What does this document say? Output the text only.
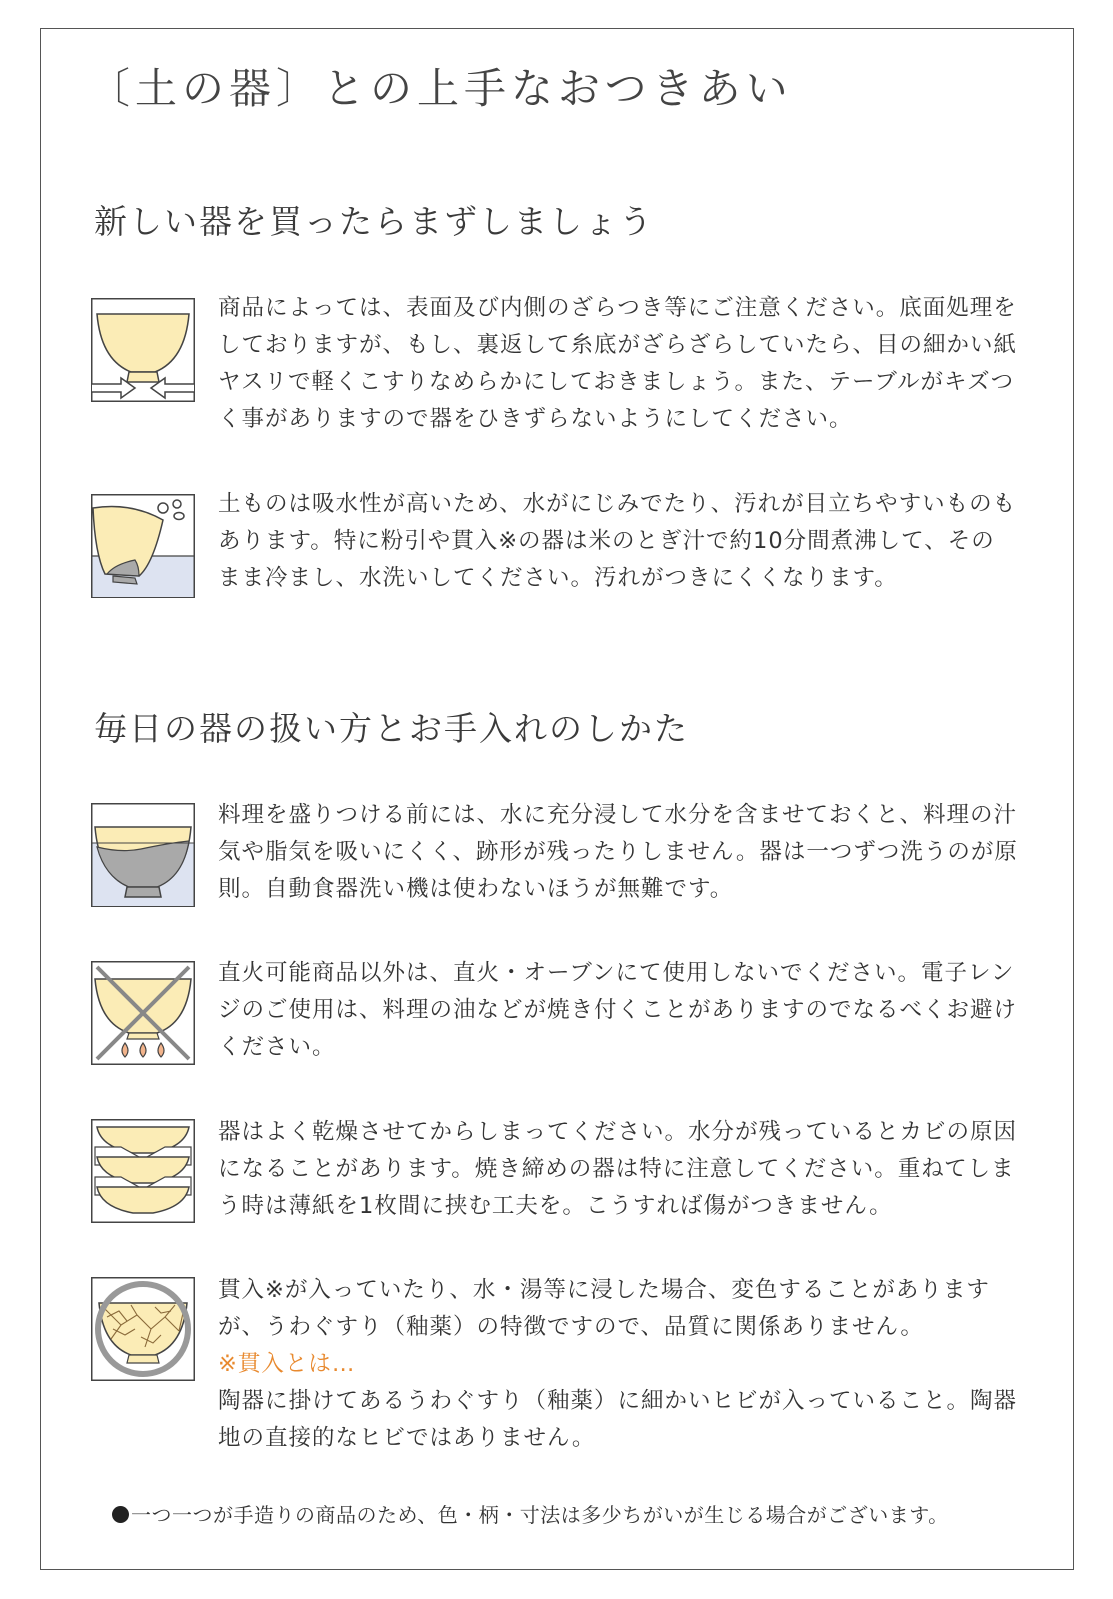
〔土の器〕との上手なおつきあい
新しい器を買ったらまずしましょう
商品によっては、表面及び内側のざらつき等にご注意ください。底面処理をしておりますが、もし、裏返して糸底がざらざらしていたら、目の細かい紙ヤスリで軽くこすりなめらかにしておきましょう。また、テーブルがキズつく事がありますので器をひきずらないようにしてください。
土ものは吸水性が高いため、水がにじみでたり、汚れが目立ちやすいものもあります。特に粉引や貫入※の器は米のとぎ汁で約10分間煮沸して、そのまま冷まし、水洗いしてください。汚れがつきにくくなります。
毎日の器の扱い方とお手入れのしかた
料理を盛りつける前には、水に充分浸して水分を含ませておくと、料理の汁気や脂気を吸いにくく、跡形が残ったりしません。器は一つずつ洗うのが原則。自動食器洗い機は使わないほうが無難です。
直火可能商品以外は、直火・オーブンにて使用しないでください。電子レンジのご使用は、料理の油などが焼き付くことがありますのでなるべくお避けください。
器はよく乾燥させてからしまってください。水分が残っているとカビの原因になることがあります。焼き締めの器は特に注意してください。重ねてしまう時は薄紙を1枚間に挟む工夫を。こうすれば傷がつきません。

貫入※が入っていたり、水・湯等に浸した場合、変色することがありますが、うわぐすり（釉薬）の特徴ですので、品質に関係ありません。

※貫入とは…

陶器に掛けてあるうわぐすり（釉薬）に細かいヒビが入っていること。陶器地の直接的なヒビではありません。

一つ一つが手造りの商品のため、色・柄・寸法は多少ちがいが生じる場合がございます。
